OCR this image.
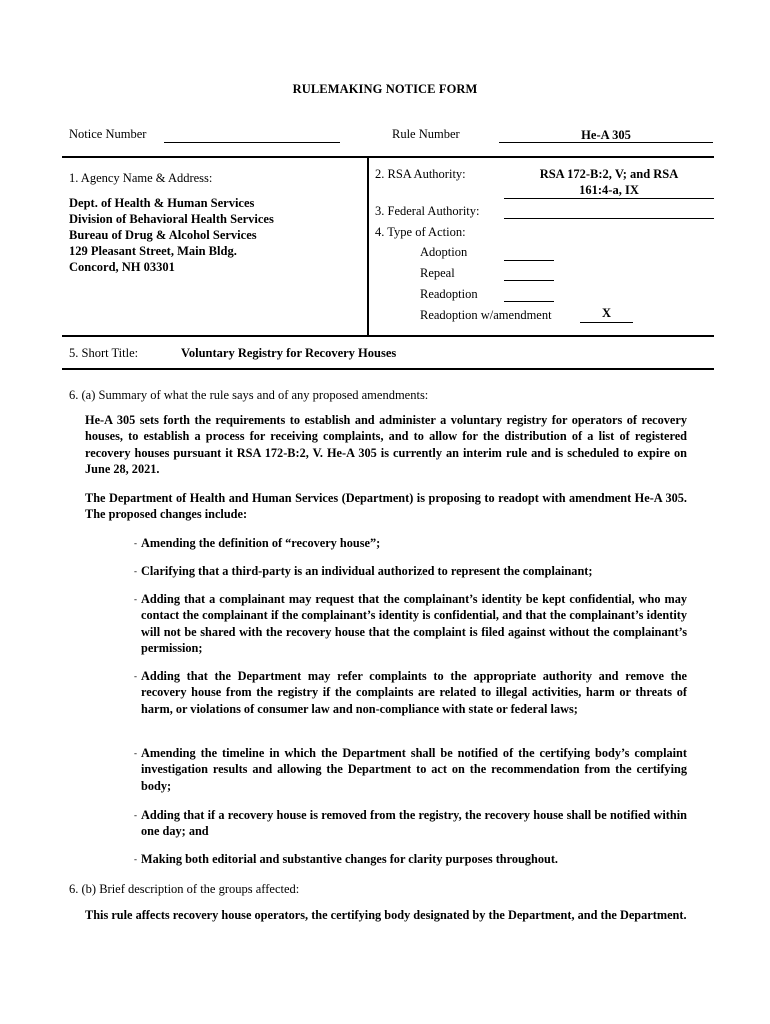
RULEMAKING NOTICE FORM
Notice Number	Rule Number	He-A 305
1. Agency Name & Address:
Dept. of Health & Human Services
Division of Behavioral Health Services
Bureau of Drug & Alcohol Services
129 Pleasant Street, Main Bldg.
Concord, NH 03301
2. RSA Authority:	RSA 172-B:2, V; and RSA
161:4-a, IX
3. Federal Authority:
4. Type of Action:
Adoption
Repeal
Readoption
Readoption w/amendment	X
5. Short Title:	Voluntary Registry for Recovery Houses
6. (a) Summary of what the rule says and of any proposed amendments:
He-A 305 sets forth the requirements to establish and administer a voluntary registry for operators of recovery houses, to establish a process for receiving complaints, and to allow for the distribution of a list of registered recovery houses pursuant it RSA 172-B:2, V. He-A 305 is currently an interim rule and is scheduled to expire on June 28, 2021.
The Department of Health and Human Services (Department) is proposing to readopt with amendment He-A 305. The proposed changes include:
- Amending the definition of “recovery house”;
- Clarifying that a third-party is an individual authorized to represent the complainant;
- Adding that a complainant may request that the complainant’s identity be kept confidential, who may contact the complainant if the complainant’s identity is confidential, and that the complainant’s identity will not be shared with the recovery house that the complaint is filed against without the complainant’s permission;
- Adding that the Department may refer complaints to the appropriate authority and remove the recovery house from the registry if the complaints are related to illegal activities, harm or threats of harm, or violations of consumer law and non-compliance with state or federal laws;
- Amending the timeline in which the Department shall be notified of the certifying body’s complaint investigation results and allowing the Department to act on the recommendation from the certifying body;
- Adding that if a recovery house is removed from the registry, the recovery house shall be notified within one day; and
- Making both editorial and substantive changes for clarity purposes throughout.
6. (b) Brief description of the groups affected:
This rule affects recovery house operators, the certifying body designated by the Department, and the Department.
